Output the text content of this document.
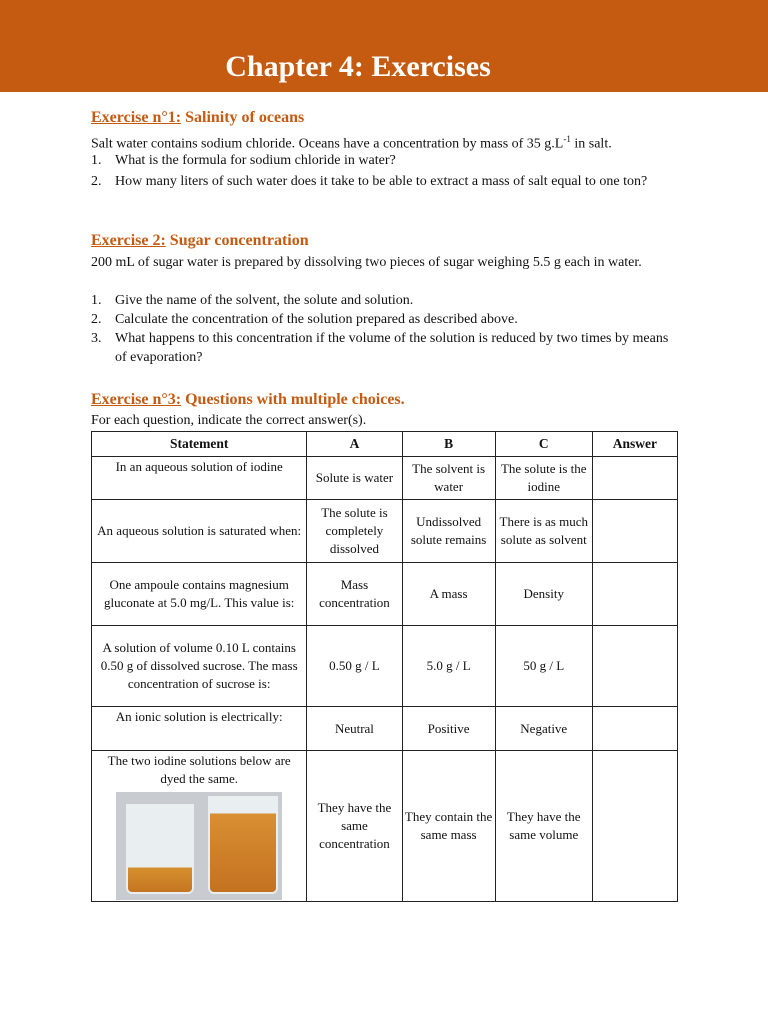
Chapter 4: Exercises
Exercise n°1: Salinity of oceans
Salt water contains sodium chloride. Oceans have a concentration by mass of 35 $g.L^{-1}$ in salt.
1. What is the formula for sodium chloride in water?
2. How many liters of such water does it take to be able to extract a mass of salt equal to one ton?
Exercise 2: Sugar concentration
200 mL of sugar water is prepared by dissolving two pieces of sugar weighing 5.5 g each in water.
1. Give the name of the solvent, the solute and solution.
2. Calculate the concentration of the solution prepared as described above.
3. What happens to this concentration if the volume of the solution is reduced by two times by means of evaporation?
Exercise n°3: Questions with multiple choices.
For each question, indicate the correct answer(s).
Statement	A	B	C	Answer
In an aqueous solution of iodine	Solute is water	The solvent is water	The solute is the iodine	
An aqueous solution is saturated when:	The solute is completely dissolved	Undissolved solute remains	There is as much solute as solvent	
One ampoule contains magnesium gluconate at 5.0 mg/L. This value is:	Mass concentration	A mass	Density	
A solution of volume 0.10 L contains 0.50 g of dissolved sucrose. The mass concentration of sucrose is:	0.50 g / L	5.0 g / L	50 g / L	
An ionic solution is electrically:	Neutral	Positive	Negative	

The two iodine solutions below are dyed the same.	They have the same concentration	They contain the same mass	They have the same volume	
